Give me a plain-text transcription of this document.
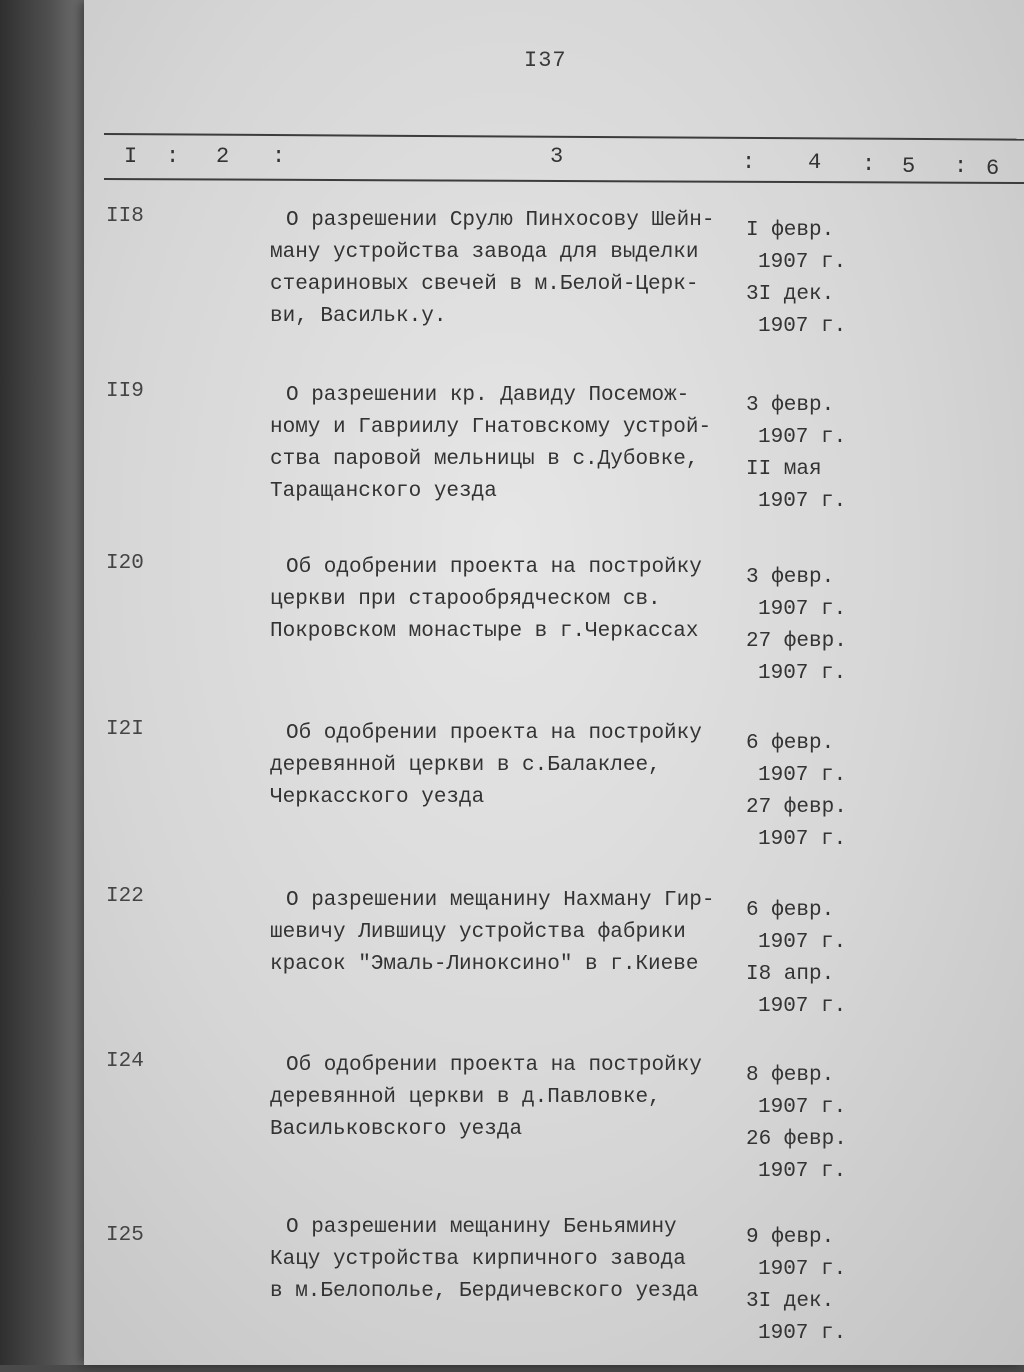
I37
I : 2 :	3	: 4 : 5 : 6
II8	О разрешении Срулю Пинхосову Шейн-
ману устройства завода для выделки
стеариновых свечей в м.Белой-Церк-
ви, Васильк.у.
I февр.
1907 г.
3I дек.
1907 г.
II9	О разрешении кр. Давиду Посемож-
ному и Гавриилу Гнатовскому устрой-
ства паровой мельницы в с.Дубовке,
Таращанского уезда
3 февр.
1907 г.
II мая
1907 г.
I20	Об одобрении проекта на постройку
церкви при старообрядческом св.
Покровском монастыре в г.Черкассах
3 февр.
1907 г.
27 февр.
1907 г.
I2I	Об одобрении проекта на постройку
деревянной церкви в с.Балаклее,
Черкасского уезда
6 февр.
1907 г.
27 февр.
1907 г.
I22	О разрешении мещанину Нахману Гир-
шевичу Лившицу устройства фабрики
красок "Эмаль-Линоксино" в г.Киеве
6 февр.
1907 г.
I8 апр.
1907 г.
I24	Об одобрении проекта на постройку
деревянной церкви в д.Павловке,
Васильковского уезда
8 февр.
1907 г.
26 февр.
1907 г.
I25	О разрешении мещанину Беньямину
Кацу устройства кирпичного завода
в м.Белополье, Бердичевского уезда
9 февр.
1907 г.
3I дек.
1907 г.
